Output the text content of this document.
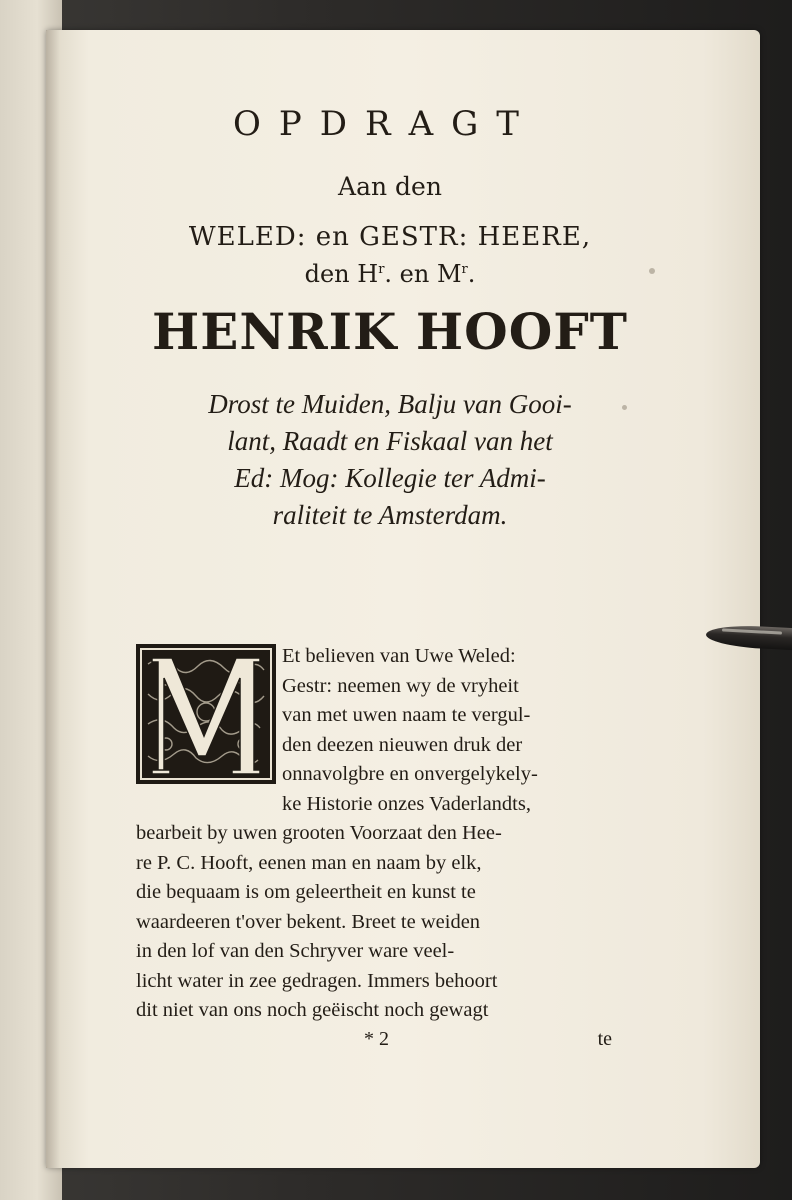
OPDRAGT

Aan den

WELED: en GESTR: HEERE,

den $H^r$. en $M^r$.

HENRIK HOOFT

Drost te Muiden, Balju van Gooi-
lant, Raadt en Fiskaal van het
Ed: Mog: Kollegie ter Admi-
raliteit te Amsterdam.

Et believen van Uwe Weled:
Gestr: neemen wy de vryheit
van met uwen naam te vergul-
den deezen nieuwen druk der
onnavolgbre en onvergelykely-
ke Historie onzes Vaderlandts,
bearbeit by uwen grooten Voorzaat den Hee-
re P. C. Hooft, eenen man en naam by elk,
die bequaam is om geleertheit en kunst te
waardeeren t'over bekent. Breet te weiden
in den lof van den Schryver ware veel-
licht water in zee gedragen. Immers behoort
dit niet van ons noch geëischt noch gewagt
* 2	te
